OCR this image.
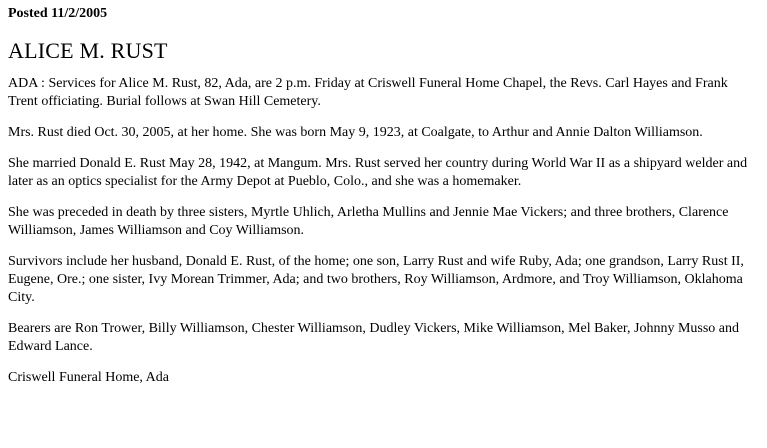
Posted 11/2/2005
ALICE M. RUST

ADA : Services for Alice M. Rust, 82, Ada, are 2 p.m. Friday at Criswell Funeral Home Chapel, the Revs. Carl Hayes and Frank Trent officiating. Burial follows at Swan Hill Cemetery.

Mrs. Rust died Oct. 30, 2005, at her home. She was born May 9, 1923, at Coalgate, to Arthur and Annie Dalton Williamson.

She married Donald E. Rust May 28, 1942, at Mangum. Mrs. Rust served her country during World War II as a shipyard welder and later as an optics specialist for the Army Depot at Pueblo, Colo., and she was a homemaker.

She was preceded in death by three sisters, Myrtle Uhlich, Arletha Mullins and Jennie Mae Vickers; and three brothers, Clarence Williamson, James Williamson and Coy Williamson.

Survivors include her husband, Donald E. Rust, of the home; one son, Larry Rust and wife Ruby, Ada; one grandson, Larry Rust II, Eugene, Ore.; one sister, Ivy Morean Trimmer, Ada; and two brothers, Roy Williamson, Ardmore, and Troy Williamson, Oklahoma City.

Bearers are Ron Trower, Billy Williamson, Chester Williamson, Dudley Vickers, Mike Williamson, Mel Baker, Johnny Musso and Edward Lance.

Criswell Funeral Home, Ada
